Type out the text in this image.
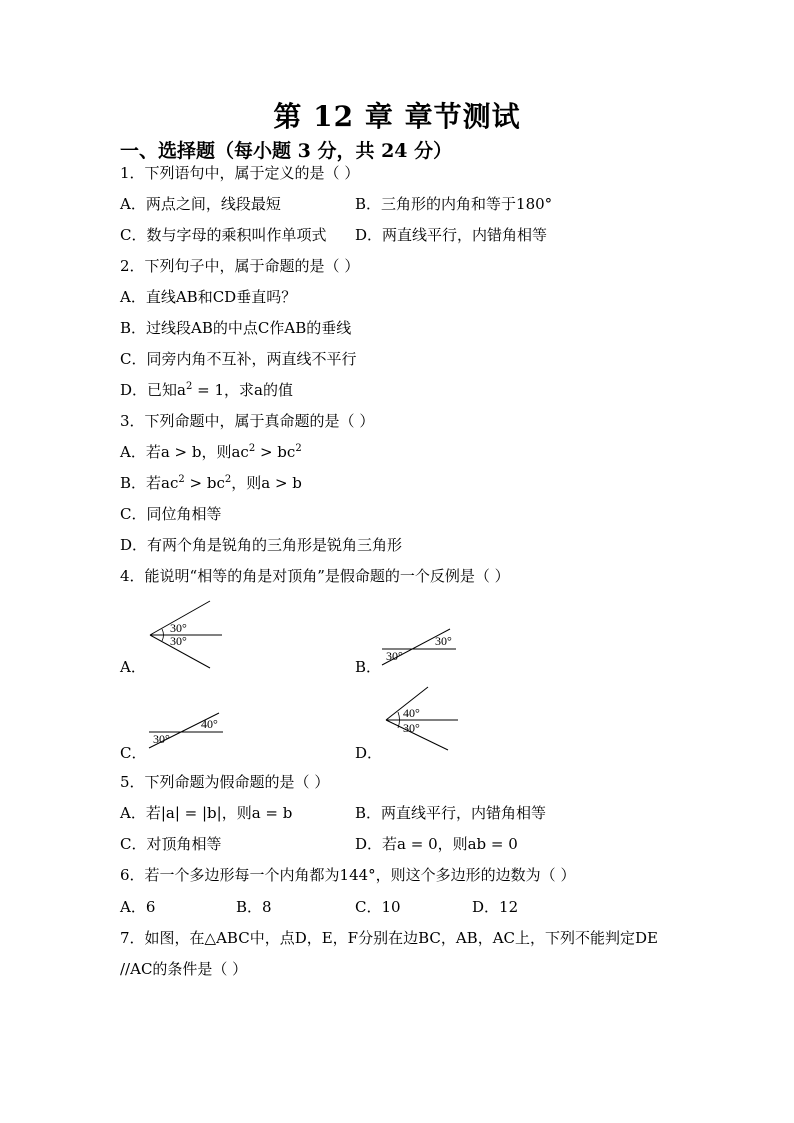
第 12 章 章节测试
一、选择题（每小题 3 分，共 24 分）
1．下列语句中，属于定义的是（ ）
A．两点之间，线段最短	B．三角形的内角和等于180°
C．数与字母的乘积叫作单项式 D．两直线平行，内错角相等
2．下列句子中，属于命题的是（ ）
A．直线AB和CD垂直吗？
B．过线段AB的中点C作AB的垂线
C．同旁内角不互补，两直线不平行
D．已知$a^2 = 1$，求a的值
3．下列命题中，属于真命题的是（ ）
A．若a > b，则$ac^2 > bc^2$
B．若$ac^2 > bc^2$，则a > b
C．同位角相等
D．有两个角是锐角的三角形是锐角三角形
4．能说明“相等的角是对顶角”是假命题的一个反例是（ ）
30°
30°
A．
30°
30°
B．
30°
40°
C．
40°
30°
D．
5．下列命题为假命题的是（ ）
A．若|a| = |b|，则a = b	B．两直线平行，内错角相等
C．对顶角相等	D．若a = 0，则ab = 0
6．若一个多边形每一个内角都为144°，则这个多边形的边数为（ ）
A．6	B．8	C．10	D．12
7．如图，在△ABC中，点D，E，F分别在边BC，AB，AC上，下列不能判定DE
//AC的条件是（ ）
